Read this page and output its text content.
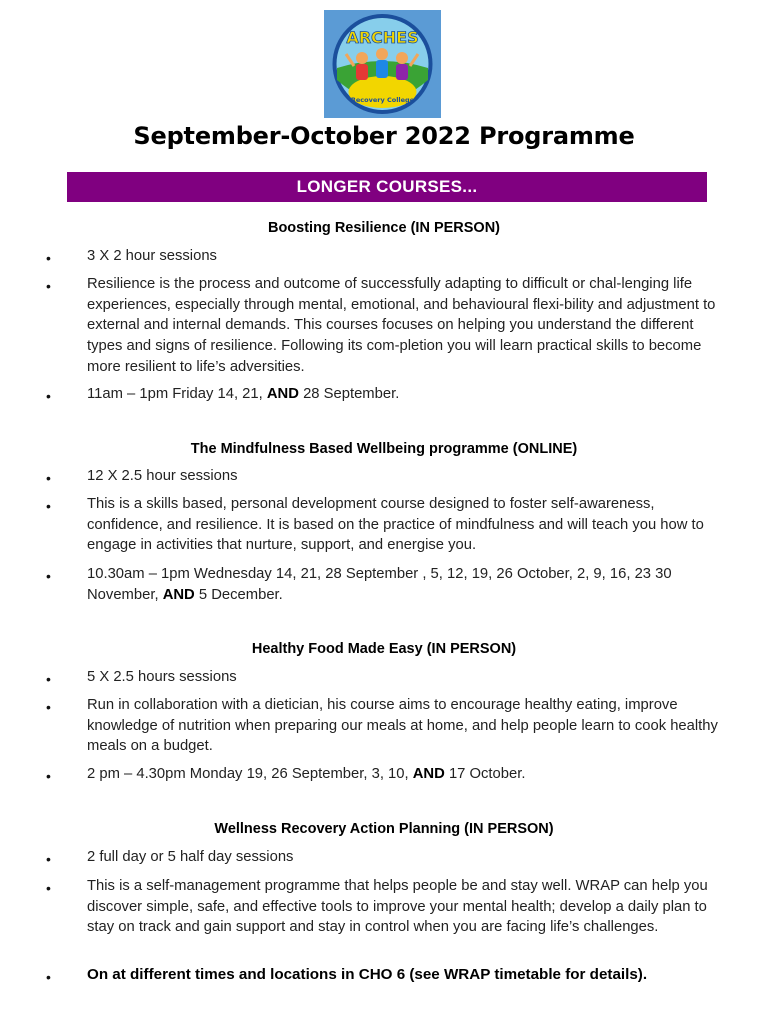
ARCHES
Recovery College
September-October 2022 Programme
LONGER COURSES...
Boosting Resilience (IN PERSON)
•	3 X 2 hour sessions
•	Resilience is the process and outcome of successfully adapting to difficult or chal-lenging life experiences, especially through mental, emotional, and behavioural flexi-bility and adjustment to external and internal demands. This courses focuses on helping you understand the different types and signs of resilience. Following its com-pletion you will learn practical skills to become more resilient to life’s adversities.
•	11am – 1pm Friday 14, 21, AND 28 September.
The Mindfulness Based Wellbeing programme (ONLINE)
•	12 X 2.5 hour sessions
•	This is a skills based, personal development course designed to foster self-awareness, confidence, and resilience. It is based on the practice of mindfulness and will teach you how to engage in activities that nurture, support, and energise you.
•	10.30am – 1pm Wednesday 14, 21, 28 September , 5, 12, 19, 26 October, 2, 9, 16, 23 30 November, AND 5 December.
Healthy Food Made Easy (IN PERSON)
•	5 X 2.5 hours sessions
•	Run in collaboration with a dietician, his course aims to encourage healthy eating, improve knowledge of nutrition when preparing our meals at home, and help people learn to cook healthy meals on a budget.
•	2 pm – 4.30pm Monday 19, 26 September, 3, 10, AND 17 October.
Wellness Recovery Action Planning (IN PERSON)
•	2 full day or 5 half day sessions
•	This is a self-management programme that helps people be and stay well. WRAP can help you discover simple, safe, and effective tools to improve your mental health; develop a daily plan to stay on track and gain support and stay in control when you are facing life’s challenges.
•	On at different times and locations in CHO 6 (see WRAP timetable for details).
